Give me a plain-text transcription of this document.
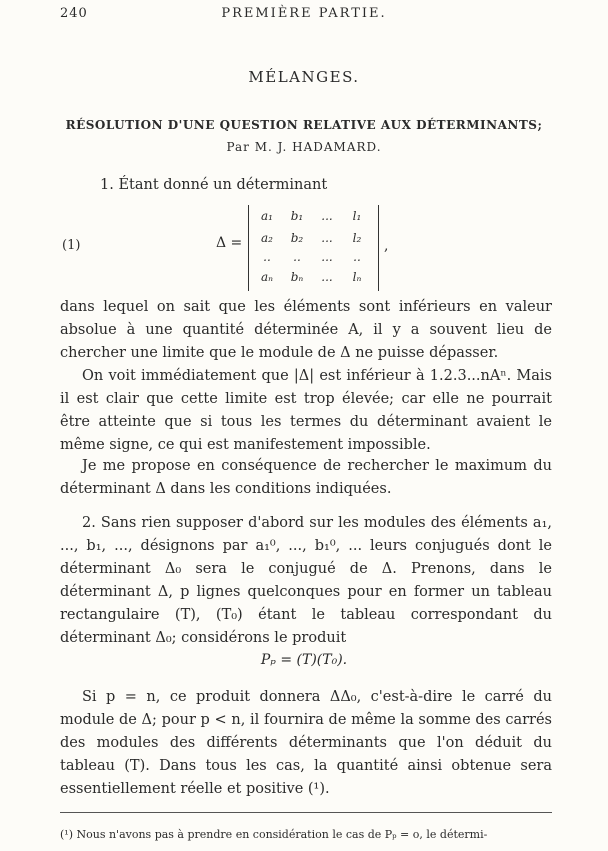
240	PREMIÈRE PARTIE.
MÉLANGES.
RÉSOLUTION D'UNE QUESTION RELATIVE AUX DÉTERMINANTS;
Par M. J. HADAMARD.
1. Étant donné un déterminant
(1)	Δ =
a₁	b₁	...	l₁
a₂	b₂	...	l₂
..	..	...	..
aₙ	bₙ	...	lₙ
,
dans lequel on sait que les éléments sont inférieurs en valeur absolue à une quantité déterminée A, il y a souvent lieu de chercher une limite que le module de Δ ne puisse dépasser.
On voit immédiatement que |Δ| est inférieur à 1.2.3...nAⁿ. Mais il est clair que cette limite est trop élevée; car elle ne pourrait être atteinte que si tous les termes du déterminant avaient le même signe, ce qui est manifestement impossible.
Je me propose en conséquence de rechercher le maximum du déterminant Δ dans les conditions indiquées.
2. Sans rien supposer d'abord sur les modules des éléments a₁, ..., b₁, ..., désignons par a₁⁰, ..., b₁⁰, ... leurs conjugués dont le déterminant Δ₀ sera le conjugué de Δ. Prenons, dans le déterminant Δ, p lignes quelconques pour en former un tableau rectangulaire (T), (T₀) étant le tableau correspondant du déterminant Δ₀; considérons le produit
Pₚ = (T)(T₀).
Si p = n, ce produit donnera ΔΔ₀, c'est-à-dire le carré du module de Δ; pour p < n, il fournira de même la somme des carrés des modules des différents déterminants que l'on déduit du tableau (T). Dans tous les cas, la quantité ainsi obtenue sera essentiellement réelle et positive (¹).
(¹) Nous n'avons pas à prendre en considération le cas de Pₚ = o, le détermi-
